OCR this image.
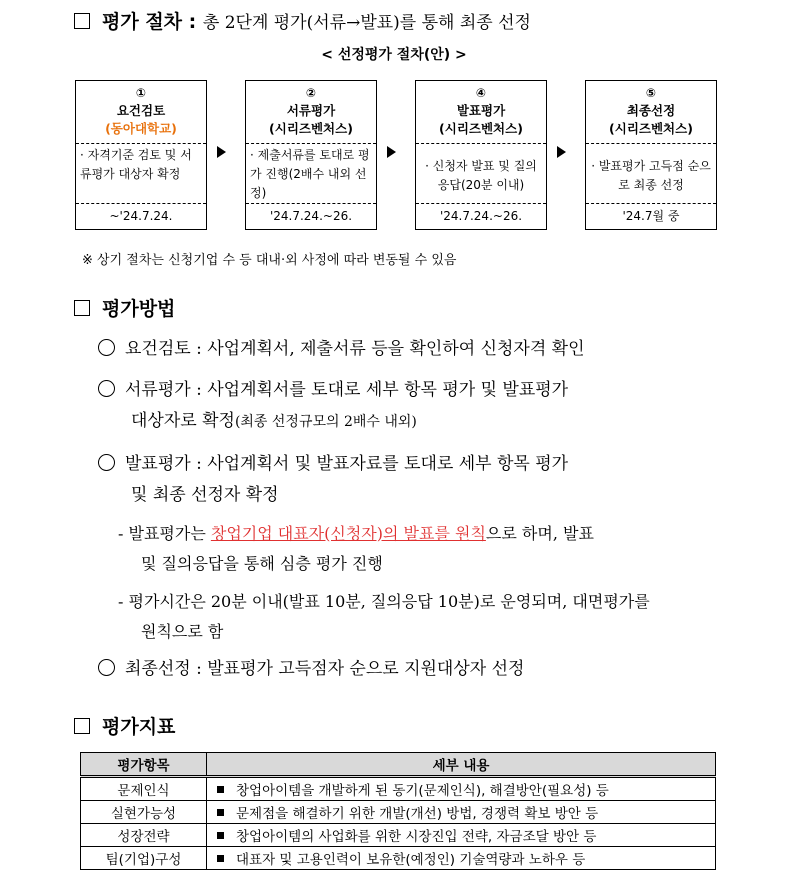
평가 절차 : 총 2단계 평가(서류→발표)를 통해 최종 선정
< 선정평가 절차(안) >
①
요건검토
(동아대학교)
· 자격기준 검토 및 서류평가 대상자 확정
~'24.7.24.
②
서류평가
(시리즈벤처스)
· 제출서류를 토대로 평가 진행(2배수 내외 선정)
'24.7.24.~26.
④
발표평가
(시리즈벤처스)
· 신청자 발표 및 질의응답(20분 이내)
'24.7.24.~26.
⑤
최종선정
(시리즈벤처스)
· 발표평가 고득점 순으로 최종 선정
'24.7월 중
※ 상기 절차는 신청기업 수 등 대내·외 사정에 따라 변동될 수 있음
평가방법
요건검토 : 사업계획서, 제출서류 등을 확인하여 신청자격 확인
서류평가 : 사업계획서를 토대로 세부 항목 평가 및 발표평가
대상자로 확정(최종 선정규모의 2배수 내외)
발표평가 : 사업계획서 및 발표자료를 토대로 세부 항목 평가
및 최종 선정자 확정
- 발표평가는 창업기업 대표자(신청자)의 발표를 원칙으로 하며, 발표
및 질의응답을 통해 심층 평가 진행
- 평가시간은 20분 이내(발표 10분, 질의응답 10분)로 운영되며, 대면평가를
원칙으로 함
최종선정 : 발표평가 고득점자 순으로 지원대상자 선정
평가지표
평가항목	세부 내용
문제인식	창업아이템을 개발하게 된 동기(문제인식), 해결방안(필요성) 등
실현가능성	문제점을 해결하기 위한 개발(개선) 방법, 경쟁력 확보 방안 등
성장전략	창업아이템의 사업화를 위한 시장진입 전략, 자금조달 방안 등
팀(기업)구성	대표자 및 고용인력이 보유한(예정인) 기술역량과 노하우 등
